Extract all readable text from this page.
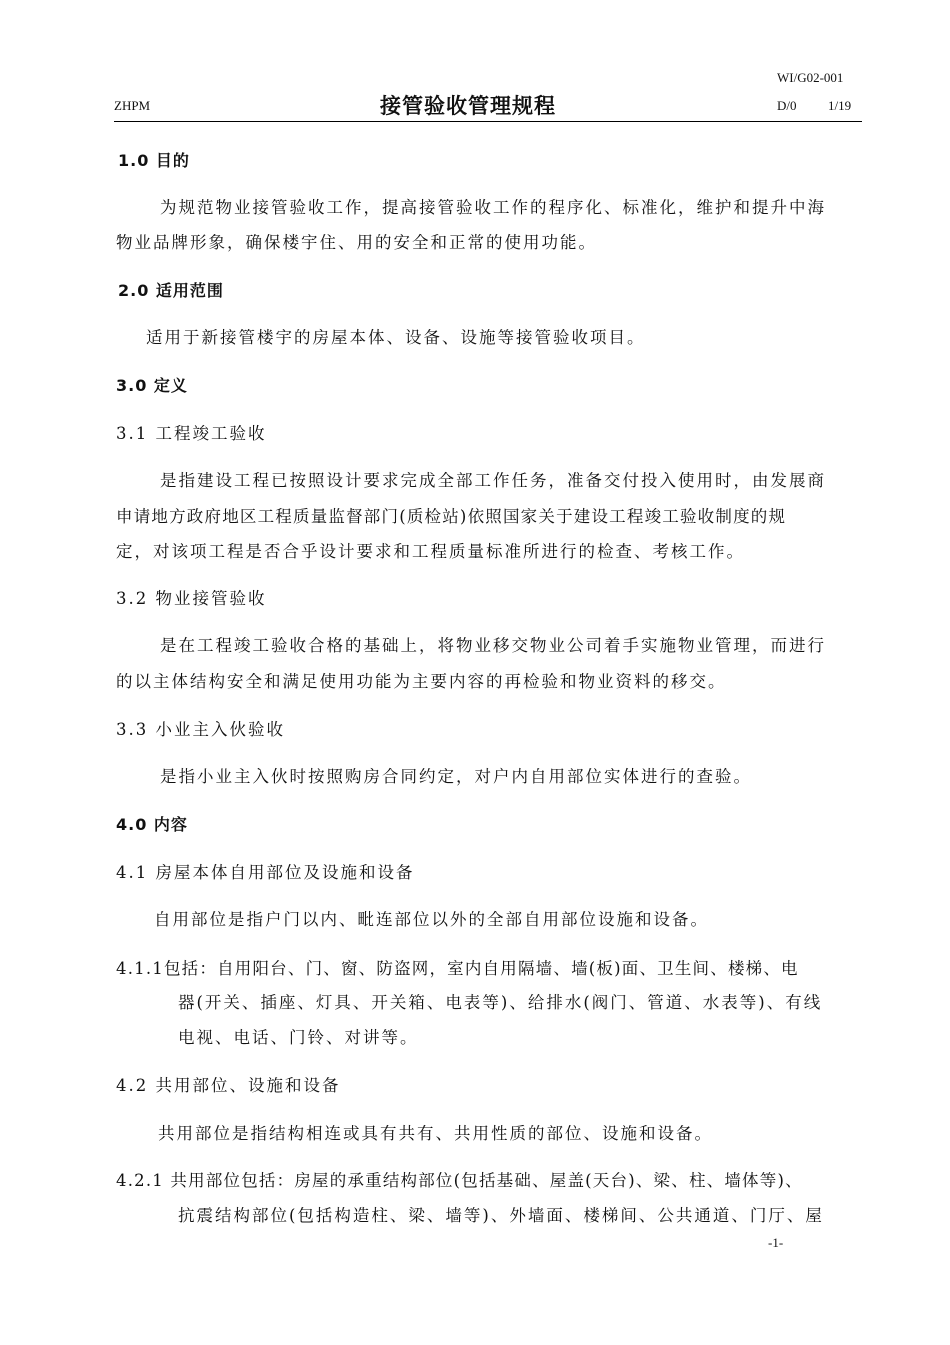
WI/G02-001
ZHPM	接管验收管理规程	D/0 1/19
1.0 目的
为规范物业接管验收工作，提高接管验收工作的程序化、标准化，维护和提升中海
物业品牌形象，确保楼宇住、用的安全和正常的使用功能。
2.0 适用范围
适用于新接管楼宇的房屋本体、设备、设施等接管验收项目。
3.0 定义
3.1 工程竣工验收
是指建设工程已按照设计要求完成全部工作任务，准备交付投入使用时，由发展商
申请地方政府地区工程质量监督部门(质检站)依照国家关于建设工程竣工验收制度的规
定，对该项工程是否合乎设计要求和工程质量标准所进行的检查、考核工作。
3.2 物业接管验收
是在工程竣工验收合格的基础上，将物业移交物业公司着手实施物业管理，而进行
的以主体结构安全和满足使用功能为主要内容的再检验和物业资料的移交。
3.3 小业主入伙验收
是指小业主入伙时按照购房合同约定，对户内自用部位实体进行的查验。
4.0 内容
4.1 房屋本体自用部位及设施和设备
自用部位是指户门以内、毗连部位以外的全部自用部位设施和设备。
4.1.1包括：自用阳台、门、窗、防盗网，室内自用隔墙、墙(板)面、卫生间、楼梯、电
器(开关、插座、灯具、开关箱、电表等)、给排水(阀门、管道、水表等)、有线
电视、电话、门铃、对讲等。
4.2 共用部位、设施和设备
共用部位是指结构相连或具有共有、共用性质的部位、设施和设备。
4.2.1 共用部位包括：房屋的承重结构部位(包括基础、屋盖(天台)、梁、柱、墙体等)、
抗震结构部位(包括构造柱、梁、墙等)、外墙面、楼梯间、公共通道、门厅、屋
-1-
